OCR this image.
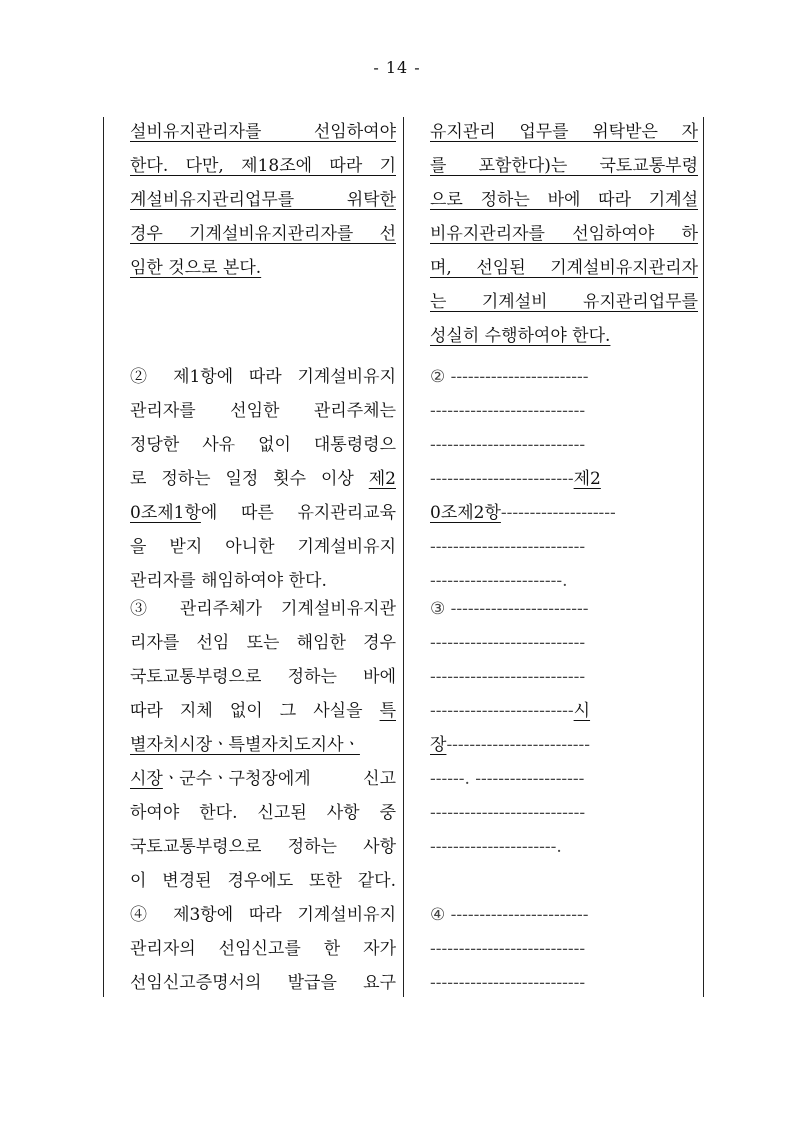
- 14 -
설비유지관리자를 선임하여야
한다. 다만, 제18조에 따라 기
계설비유지관리업무를 위탁한
경우 기계설비유지관리자를 선
임한 것으로 본다.
② 제1항에 따라 기계설비유지
관리자를 선임한 관리주체는
정당한 사유 없이 대통령령으
로 정하는 일정 횟수 이상 제2
0조제1항에 따른 유지관리교육
을 받지 아니한 기계설비유지
관리자를 해임하여야 한다.
③ 관리주체가 기계설비유지관
리자를 선임 또는 해임한 경우
국토교통부령으로 정하는 바에
따라 지체 없이 그 사실을 특
별자치시장ㆍ특별자치도지사ㆍ
시장ㆍ군수ㆍ구청장에게 신고
하여야 한다. 신고된 사항 중
국토교통부령으로 정하는 사항
이 변경된 경우에도 또한 같다.
④ 제3항에 따라 기계설비유지
관리자의 선임신고를 한 자가
선임신고증명서의 발급을 요구
유지관리 업무를 위탁받은 자
를 포함한다)는 국토교통부령
으로 정하는 바에 따라 기계설
비유지관리자를 선임하여야 하
며, 선임된 기계설비유지관리자
는 기계설비 유지관리업무를
성실히 수행하여야 한다.
② ------------------------
---------------------------
---------------------------
-------------------------제2
0조제2항--------------------
---------------------------
-----------------------.
③ ------------------------
---------------------------
---------------------------
-------------------------시
장-------------------------
------. -------------------
---------------------------
----------------------.
④ ------------------------
---------------------------
---------------------------
